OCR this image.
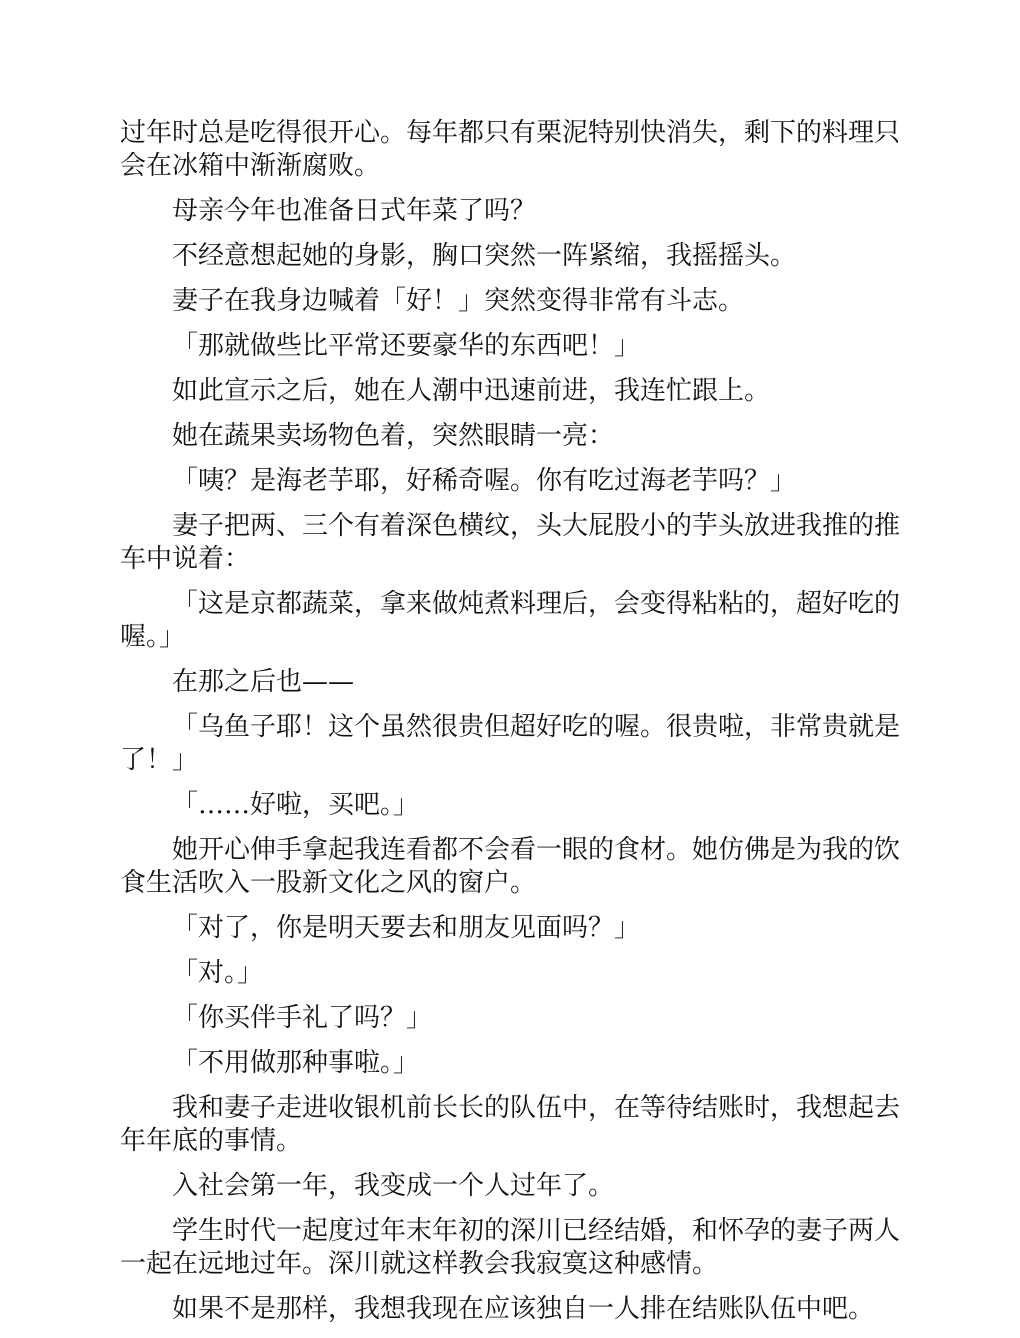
过年时总是吃得很开心。每年都只有栗泥特别快消失，剩下的料理只会在冰箱中渐渐腐败。

母亲今年也准备日式年菜了吗？

不经意想起她的身影，胸口突然一阵紧缩，我摇摇头。

妻子在我身边喊着「好！」突然变得非常有斗志。

「那就做些比平常还要豪华的东西吧！」

如此宣示之后，她在人潮中迅速前进，我连忙跟上。

她在蔬果卖场物色着，突然眼睛一亮：

「咦？是海老芋耶，好稀奇喔。你有吃过海老芋吗？」

妻子把两、三个有着深色横纹，头大屁股小的芋头放进我推的推车中说着：

「这是京都蔬菜，拿来做炖煮料理后，会变得粘粘的，超好吃的喔。」

在那之后也——

「乌鱼子耶！这个虽然很贵但超好吃的喔。很贵啦，非常贵就是了！」

「……好啦，买吧。」

她开心伸手拿起我连看都不会看一眼的食材。她仿佛是为我的饮食生活吹入一股新文化之风的窗户。

「对了，你是明天要去和朋友见面吗？」

「对。」

「你买伴手礼了吗？」

「不用做那种事啦。」

我和妻子走进收银机前长长的队伍中，在等待结账时，我想起去年年底的事情。

入社会第一年，我变成一个人过年了。

学生时代一起度过年末年初的深川已经结婚，和怀孕的妻子两人一起在远地过年。深川就这样教会我寂寞这种感情。

如果不是那样，我想我现在应该独自一人排在结账队伍中吧。
